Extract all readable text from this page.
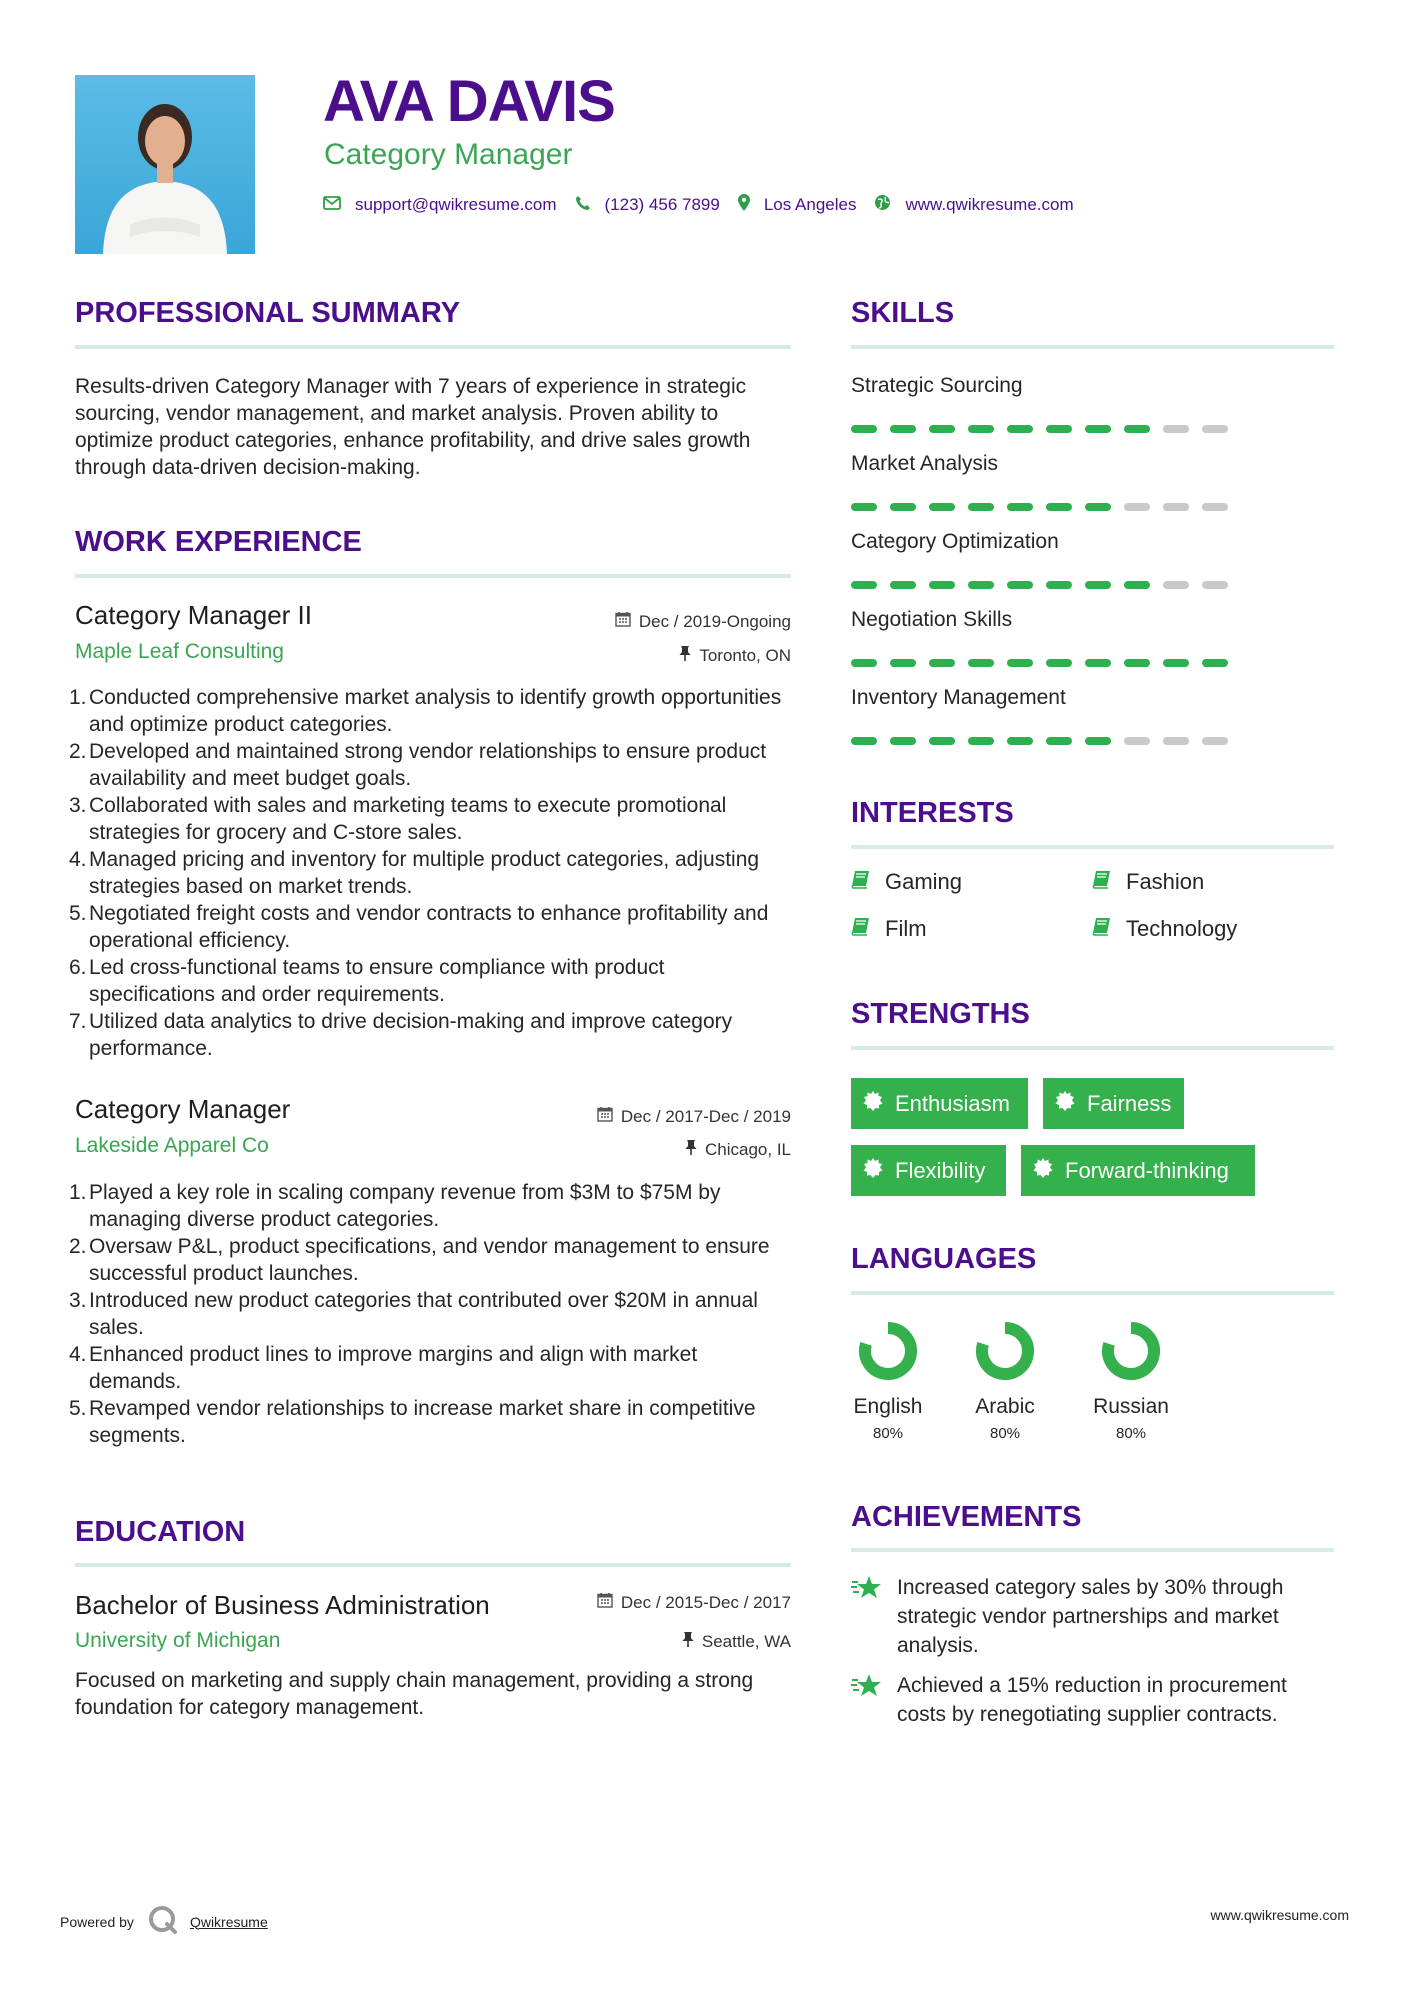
AVA DAVIS
Category Manager
support@qwikresume.com	(123) 456 7899	Los Angeles	www.qwikresume.com
PROFESSIONAL SUMMARY
Results-driven Category Manager with 7 years of experience in strategic sourcing, vendor management, and market analysis. Proven ability to optimize product categories, enhance profitability, and drive sales growth through data-driven decision-making.
WORK EXPERIENCE
Category Manager II	Dec / 2019-Ongoing
Maple Leaf Consulting	Toronto, ON
1. Conducted comprehensive market analysis to identify growth opportunities and optimize product categories.
2. Developed and maintained strong vendor relationships to ensure product availability and meet budget goals.
3. Collaborated with sales and marketing teams to execute promotional strategies for grocery and C-store sales.
4. Managed pricing and inventory for multiple product categories, adjusting strategies based on market trends.
5. Negotiated freight costs and vendor contracts to enhance profitability and operational efficiency.
6. Led cross-functional teams to ensure compliance with product specifications and order requirements.
7. Utilized data analytics to drive decision-making and improve category performance.
Category Manager	Dec / 2017-Dec / 2019
Lakeside Apparel Co	Chicago, IL
1. Played a key role in scaling company revenue from $3M to $75M by managing diverse product categories.
2. Oversaw P&L, product specifications, and vendor management to ensure successful product launches.
3. Introduced new product categories that contributed over $20M in annual sales.
4. Enhanced product lines to improve margins and align with market demands.
5. Revamped vendor relationships to increase market share in competitive segments.
EDUCATION
Bachelor of Business Administration	Dec / 2015-Dec / 2017
University of Michigan	Seattle, WA
Focused on marketing and supply chain management, providing a strong foundation for category management.
SKILLS
Strategic Sourcing
Market Analysis
Category Optimization
Negotiation Skills
Inventory Management
INTERESTS
Gaming	Fashion
Film	Technology
STRENGTHS
Enthusiasm	Fairness
Flexibility	Forward-thinking
LANGUAGES
English
80%
Arabic
80%
Russian
80%
ACHIEVEMENTS
Increased category sales by 30% through strategic vendor partnerships and market analysis.
Achieved a 15% reduction in procurement costs by renegotiating supplier contracts.
Powered by	Qwikresume	www.qwikresume.com
